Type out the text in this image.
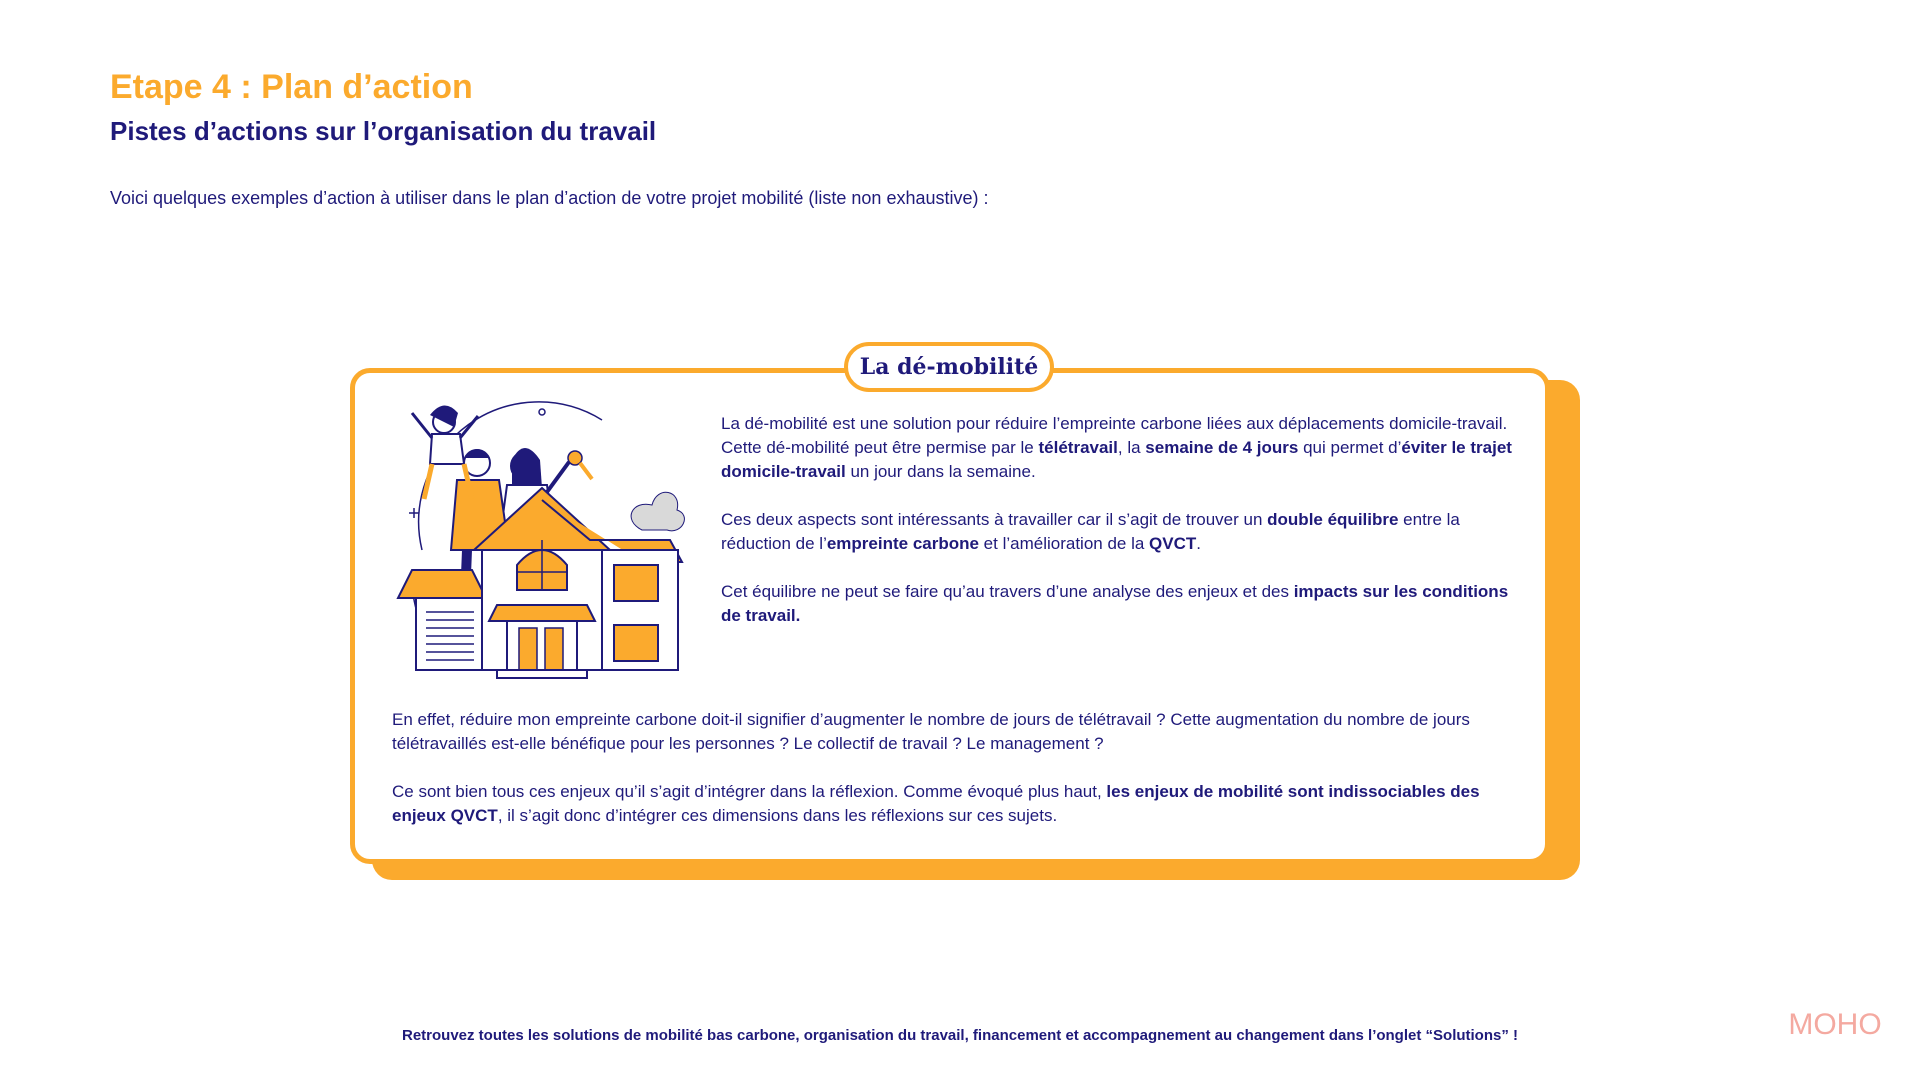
Etape 4 : Plan d’action
Pistes d’actions sur l’organisation du travail

Voici quelques exemples d’action à utiliser dans le plan d’action de votre projet mobilité (liste non exhaustive) :

La dé-mobilité

La dé-mobilité est une solution pour réduire l’empreinte carbone liées aux déplacements domicile-travail. Cette dé-mobilité peut être permise par le télétravail, la semaine de 4 jours qui permet d’éviter le trajet domicile-travail un jour dans la semaine.

Ces deux aspects sont intéressants à travailler car il s’agit de trouver un double équilibre entre la réduction de l’empreinte carbone et l’amélioration de la QVCT.

Cet équilibre ne peut se faire qu’au travers d’une analyse des enjeux et des impacts sur les conditions de travail.

En effet, réduire mon empreinte carbone doit-il signifier d’augmenter le nombre de jours de télétravail ? Cette augmentation du nombre de jours télétravaillés est-elle bénéfique pour les personnes ? Le collectif de travail ? Le management ?

Ce sont bien tous ces enjeux qu’il s’agit d’intégrer dans la réflexion. Comme évoqué plus haut, les enjeux de mobilité sont indissociables des enjeux QVCT, il s’agit donc d’intégrer ces dimensions dans les réflexions sur ces sujets.

Retrouvez toutes les solutions de mobilité bas carbone, organisation du travail, financement et accompagnement au changement dans l’onglet “Solutions” !	MOHO
